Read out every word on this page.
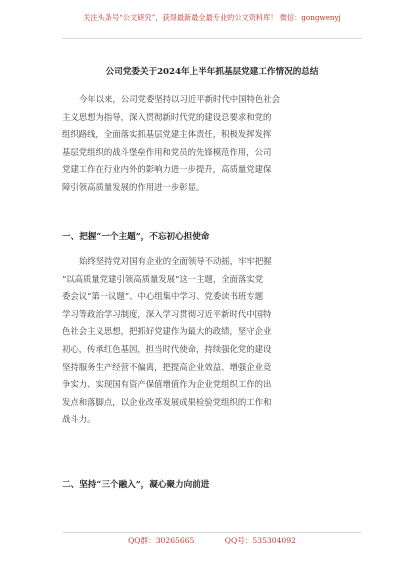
关注头条号“公文研究”，获得最新最全最专业的公文资料库！ 微信：gongwenyj
公司党委关于2024年上半年抓基层党建工作情况的总结
今年以来，公司党委坚持以习近平新时代中国特色社会
主义思想为指导，深入贯彻新时代党的建设总要求和党的
组织路线，全面落实抓基层党建主体责任，积极发挥发挥
基层党组织的战斗堡垒作用和党员的先锋模范作用，公司
党建工作在行业内外的影响力进一步提升，高质量党建保
障引领高质量发展的作用进一步彰显。
一、把握“一个主题”，不忘初心担使命
始终坚持党对国有企业的全面领导不动摇，牢牢把握
“以高质量党建引领高质量发展”这一主题，全面落实党
委会议“第一议题”、中心组集中学习、党委读书班专题
学习等政治学习制度，深入学习贯彻习近平新时代中国特
色社会主义思想，把抓好党建作为最大的政绩，坚守企业
初心，传承红色基因，担当时代使命，持续强化党的建设
坚持服务生产经营不偏离，把提高企业效益、增强企业竞
争实力、实现国有资产保值增值作为企业党组织工作的出
发点和落脚点，以企业改革发展成果检验党组织的工作和
战斗力。
二、坚持“三个融入”，凝心聚力向前进
QQ群：30265665	QQ号：535304092
